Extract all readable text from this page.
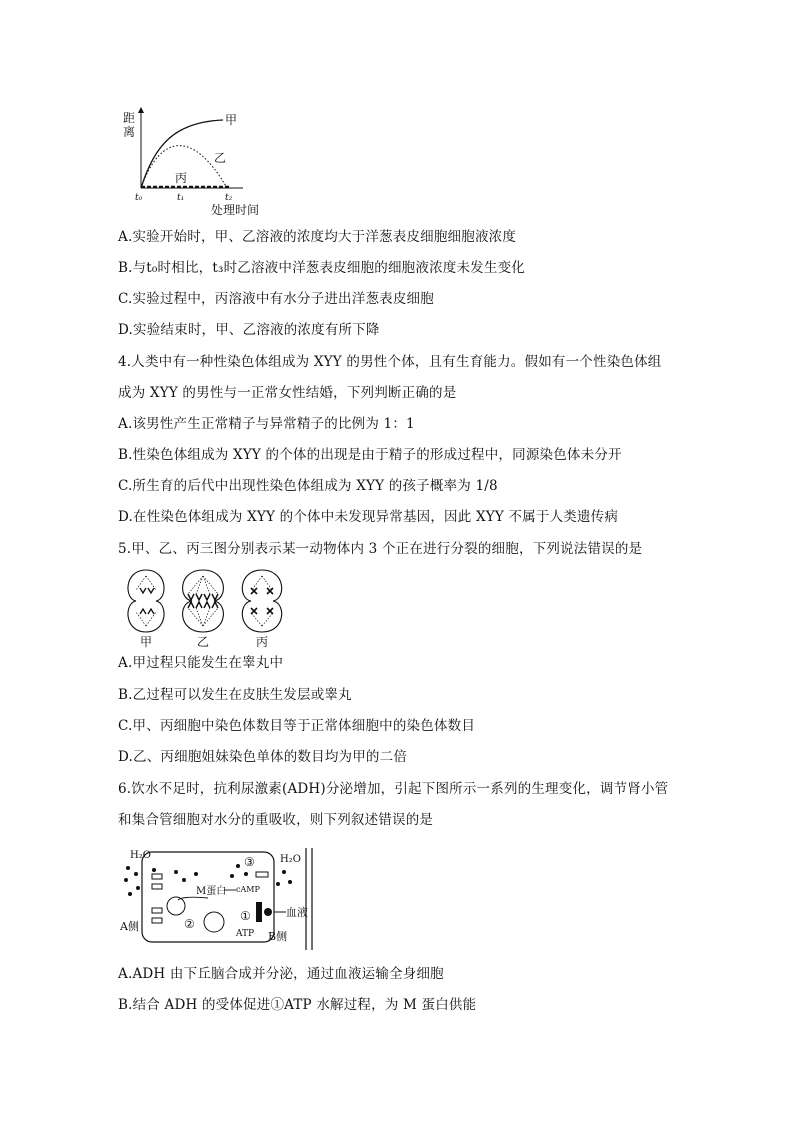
距
离
甲
乙
丙
t₀	t₁	t₂
处理时间
A.实验开始时，甲、乙溶液的浓度均大于洋葱表皮细胞细胞液浓度
B.与t₀时相比，t₃时乙溶液中洋葱表皮细胞的细胞液浓度未发生变化
C.实验过程中，丙溶液中有水分子进出洋葱表皮细胞
D.实验结束时，甲、乙溶液的浓度有所下降
4.人类中有一种性染色体组成为 XYY 的男性个体，且有生育能力。假如有一个性染色体组
成为 XYY 的男性与一正常女性结婚，下列判断正确的是
A.该男性产生正常精子与异常精子的比例为 1：1
B.性染色体组成为 XYY 的个体的出现是由于精子的形成过程中，同源染色体未分开
C.所生育的后代中出现性染色体组成为 XYY 的孩子概率为 1/8
D.在性染色体组成为 XYY 的个体中未发现异常基因，因此 XYY 不属于人类遗传病
5.甲、乙、丙三图分别表示某一动物体内 3 个正在进行分裂的细胞，下列说法错误的是
甲	乙	丙
A.甲过程只能发生在睾丸中
B.乙过程可以发生在皮肤生发层或睾丸
C.甲、丙细胞中染色体数目等于正常体细胞中的染色体数目
D.乙、丙细胞姐妹染色单体的数目均为甲的二倍
6.饮水不足时，抗利尿激素(ADH)分泌增加，引起下图所示一系列的生理变化，调节肾小管
和集合管细胞对水分的重吸收，则下列叙述错误的是
H₂O	H₂O
③
M蛋白 cAMP
②
①
ATP
血液
A侧
B侧
A.ADH 由下丘脑合成并分泌，通过血液运输全身细胞
B.结合 ADH 的受体促进①ATP 水解过程，为 M 蛋白供能
